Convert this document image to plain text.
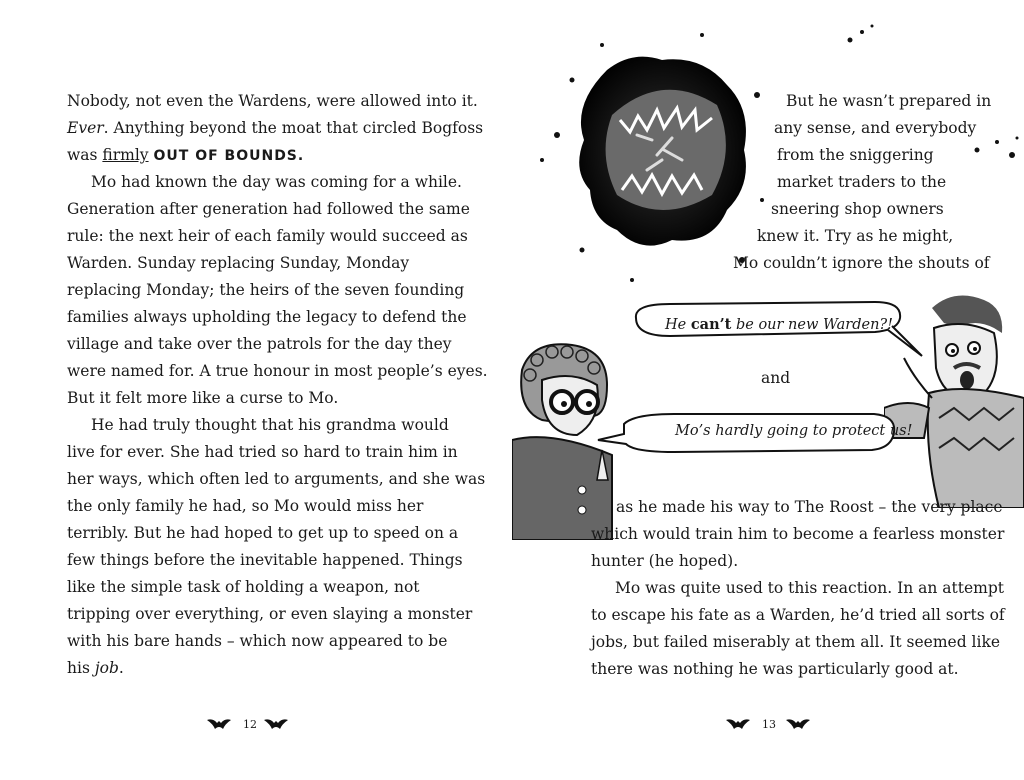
Nobody, not even the Wardens, were allowed into it.
Ever. Anything beyond the moat that circled Bogfoss
was firmly OUT OF BOUNDS.
Mo had known the day was coming for a while.
Generation after generation had followed the same
rule: the next heir of each family would succeed as
Warden. Sunday replacing Sunday, Monday
replacing Monday; the heirs of the seven founding
families always upholding the legacy to defend the
village and take over the patrols for the day they
were named for. A true honour in most people’s eyes.
But it felt more like a curse to Mo.
He had truly thought that his grandma would
live for ever. She had tried so hard to train him in
her ways, which often led to arguments, and she was
the only family he had, so Mo would miss her
terribly. But he had hoped to get up to speed on a
few things before the inevitable happened. Things
like the simple task of holding a weapon, not
tripping over everything, or even slaying a monster
with his bare hands – which now appeared to be
his job.
12
But he wasn’t prepared in
any sense, and everybody
from the sniggering
market traders to the
sneering shop owners
knew it. Try as he might,
Mo couldn’t ignore the shouts of
He can’t be our new Warden?!
and
Mo’s hardly going to protect us!
as he made his way to The Roost – the very place
which would train him to become a fearless monster
hunter (he hoped).
Mo was quite used to this reaction. In an attempt
to escape his fate as a Warden, he’d tried all sorts of
jobs, but failed miserably at them all. It seemed like
there was nothing he was particularly good at.
13
